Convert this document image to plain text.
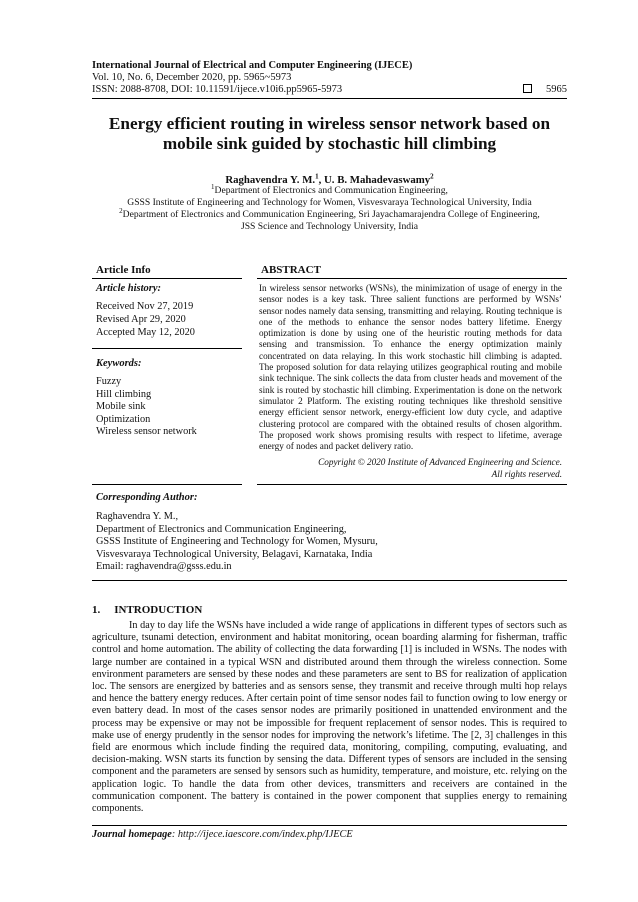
International Journal of Electrical and Computer Engineering (IJECE)
Vol. 10, No. 6, December 2020, pp. 5965~5973
ISSN: 2088-8708, DOI: 10.11591/ijece.v10i6.pp5965-5973	5965
Energy efficient routing in wireless sensor network based on
mobile sink guided by stochastic hill climbing
Raghavendra Y. M.$^1$, U. B. Mahadevaswamy$^2$
$^1$Department of Electronics and Communication Engineering,
GSSS Institute of Engineering and Technology for Women, Visvesvaraya Technological University, India
$^2$Department of Electronics and Communication Engineering, Sri Jayachamarajendra College of Engineering,
JSS Science and Technology University, India
Article Info
Article history:
Received Nov 27, 2019
Revised Apr 29, 2020
Accepted May 12, 2020
Keywords:
Fuzzy
Hill climbing
Mobile sink
Optimization
Wireless sensor network
ABSTRACT
In wireless sensor networks (WSNs), the minimization of usage of energy in the sensor nodes is a key task. Three salient functions are performed by WSNs’ sensor nodes namely data sensing, transmitting and relaying. Routing technique is one of the methods to enhance the sensor nodes battery lifetime. Energy optimization is done by using one of the heuristic routing methods for data sensing and transmission. To enhance the energy optimization mainly concentrated on data relaying. In this work stochastic hill climbing is adapted. The proposed solution for data relaying utilizes geographical routing and mobile sink technique. The sink collects the data from cluster heads and movement of the sink is routed by stochastic hill climbing. Experimentation is done on the network simulator 2 Platform. The existing routing techniques like threshold sensitive energy efficient sensor network, energy-efficient low duty cycle, and adaptive clustering protocol are compared with the obtained results of chosen algorithm. The proposed work shows promising results with respect to lifetime, average energy of nodes and packet delivery ratio.
Copyright © 2020 Institute of Advanced Engineering and Science.
All rights reserved.
Corresponding Author:
Raghavendra Y. M.,
Department of Electronics and Communication Engineering,
GSSS Institute of Engineering and Technology for Women, Mysuru,
Visvesvaraya Technological University, Belagavi, Karnataka, India
Email: raghavendra@gsss.edu.in
1. INTRODUCTION
In day to day life the WSNs have included a wide range of applications in different types of sectors such as agriculture, tsunami detection, environment and habitat monitoring, ocean boarding alarming for fisherman, traffic control and home automation. The ability of collecting the data forwarding [1] is included in WSNs. The nodes with large number are contained in a typical WSN and distributed around them through the wireless connection. Some environment parameters are sensed by these nodes and these parameters are sent to BS for realization of application loc. The sensors are energized by batteries and as sensors sense, they transmit and receive through multi hop relays and hence the battery energy reduces. After certain point of time sensor nodes fail to function owing to low energy or even battery dead. In most of the cases sensor nodes are primarily positioned in unattended environment and the process may be expensive or may not be impossible for frequent replacement of sensor nodes. This is required to make use of energy prudently in the sensor nodes for improving the network’s lifetime. The [2, 3] challenges in this field are enormous which include finding the required data, monitoring, compiling, computing, evaluating, and decision-making. WSN starts its function by sensing the data. Different types of sensors are included in the sensing component and the parameters are sensed by sensors such as humidity, temperature, and moisture, etc. relying on the application logic. To handle the data from other devices, transmitters and receivers are contained in the communication component. The battery is contained in the power component that supplies energy to remaining components.
Journal homepage: http://ijece.iaescore.com/index.php/IJECE
